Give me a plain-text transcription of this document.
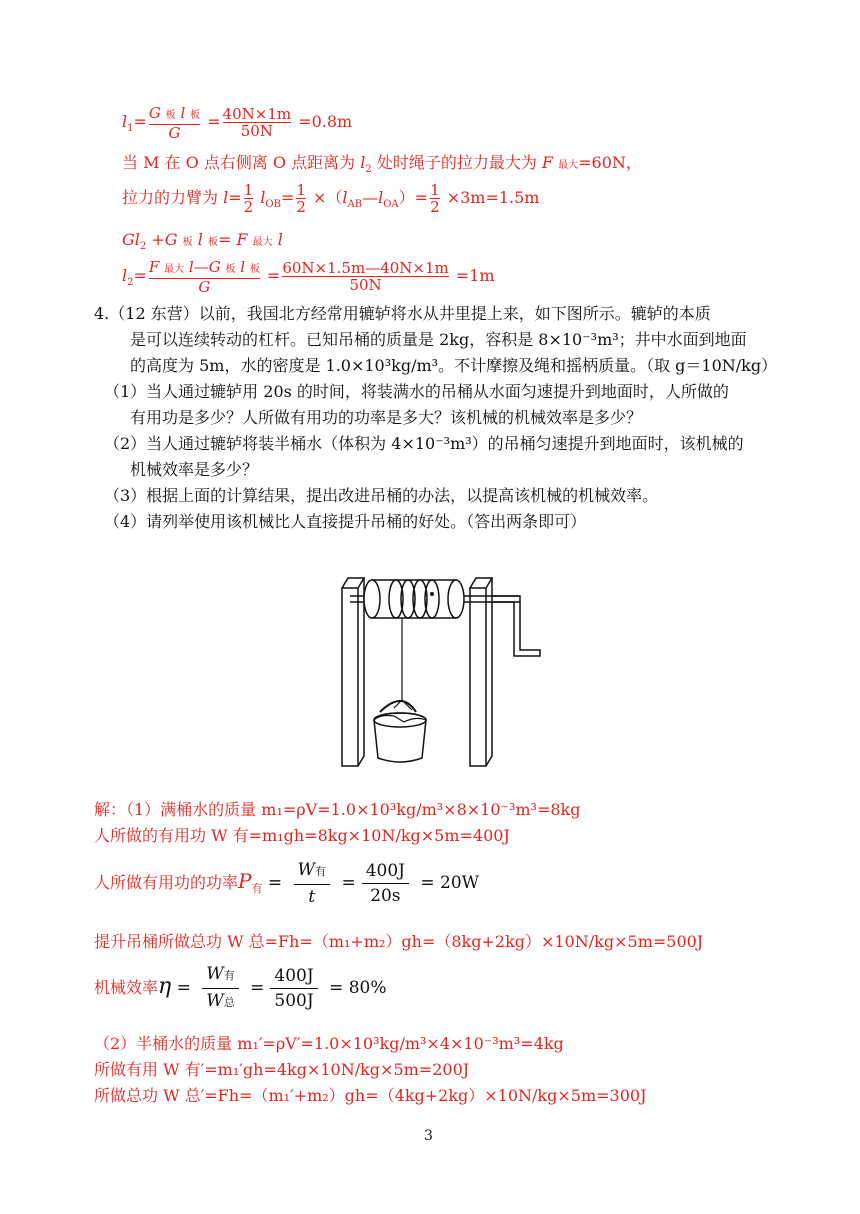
$l_1= \frac{\text{G 板 l 板}}{G} = \frac{40N\times 1m}{50N} =0.8m$
当 M 在 O 点右侧离 O 点距离为 $l_2$ 处时绳子的拉力最大为 F 最大=60N，
拉力的力臂为 $l= \frac{1}{2} l_{OB}= \frac{1}{2}$ $\times(l_{AB}—l_{OA})= \frac{1}{2} \times 3m=1.5m$
$Gl_2 +G$ 板 l 板= F 最大 l
$l_2= \frac{\text{F 最大 l—G 板 l 板}}{G} = \frac{60N\times 1.5m—40N\times 1m}{50N} =1m$
4.（12 东营）以前，我国北方经常用辘轳将水从井里提上来，如下图所示。辘轳的本质
是可以连续转动的杠杆。已知吊桶的质量是 2kg，容积是 8×10⁻³m³；井中水面到地面
的高度为 5m，水的密度是 1.0×10³kg/m³。不计摩擦及绳和摇柄质量。（取 g＝10N/kg）
（1）当人通过辘轳用 20s 的时间，将装满水的吊桶从水面匀速提升到地面时，人所做的
有用功是多少？人所做有用功的功率是多大？该机械的机械效率是多少？
（2）当人通过辘轳将装半桶水（体积为 4×10⁻³m³）的吊桶匀速提升到地面时，该机械的
机械效率是多少？
（3）根据上面的计算结果，提出改进吊桶的办法，以提高该机械的机械效率。
（4）请列举使用该机械比人直接提升吊桶的好处。（答出两条即可）
解：（1）满桶水的质量 m₁=ρV=1.0×10³kg/m³×8×10⁻³m³=8kg
人所做的有用功 W 有=m₁gh=8kg×10N/kg×5m=400J
人所做有用功的功率$P_有 = \frac{\text{W有}}{t} = \frac{400J}{20s} = 20W$
提升吊桶所做总功 W 总=Fh=（m₁+m₂）gh=（8kg+2kg）×10N/kg×5m=500J
机械效率$\eta = \frac{\text{W有}}{\text{W总}} = \frac{400J}{500J} = 80\%$
（2）半桶水的质量 m₁′=ρV′=1.0×10³kg/m³×4×10⁻³m³=4kg
所做有用 W 有′=m₁′gh=4kg×10N/kg×5m=200J
所做总功 W 总′=Fh=（m₁′+m₂）gh=（4kg+2kg）×10N/kg×5m=300J
3
